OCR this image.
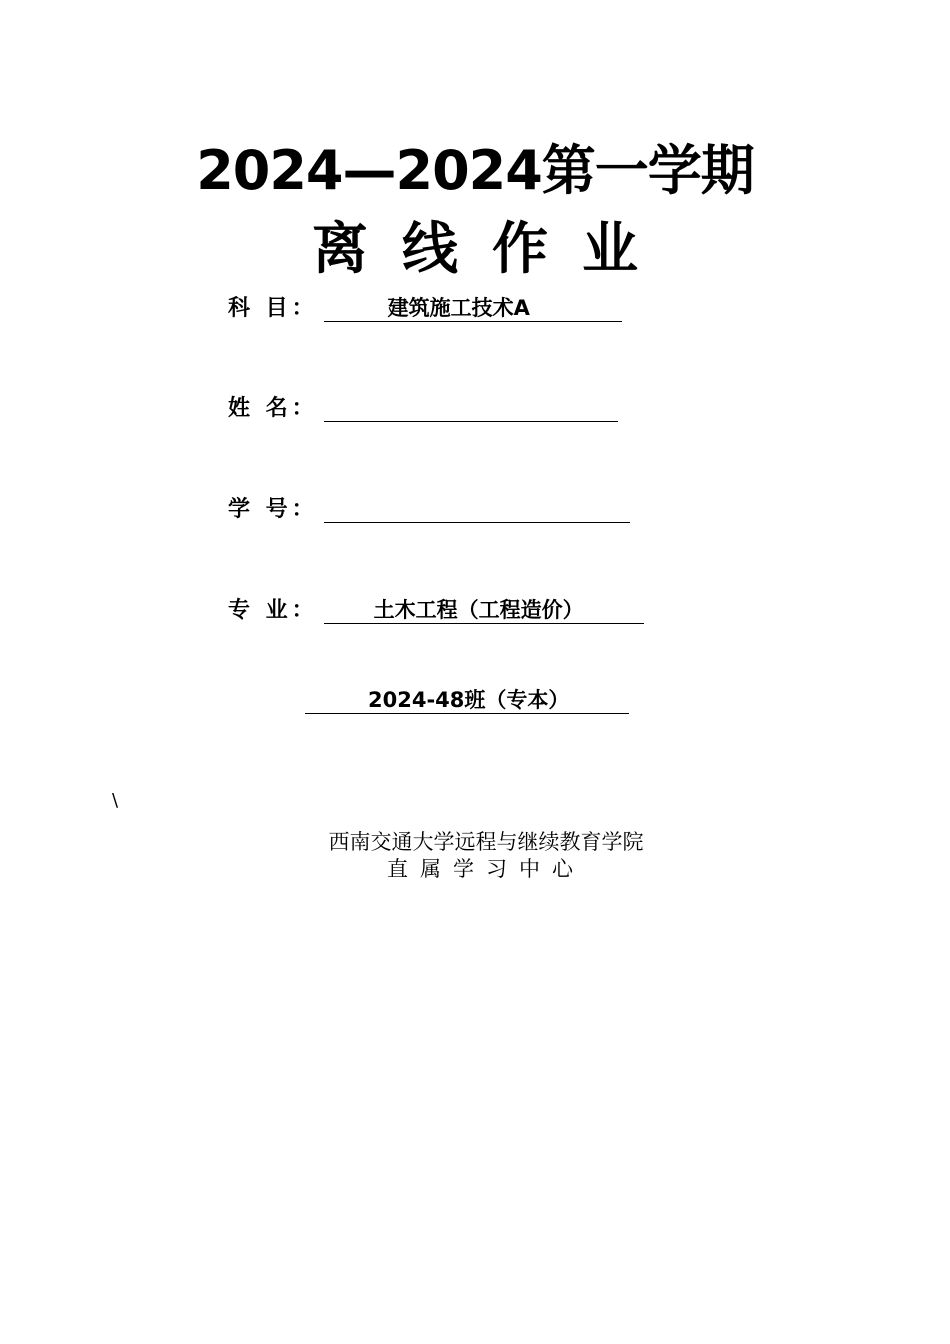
2024—2024第一学期
离线作业
科 目：	建筑施工技术A
姓 名：
学 号：
专 业：	土木工程（工程造价）
2024-48班（专本）
\
西南交通大学远程与继续教育学院
直属学习中心
